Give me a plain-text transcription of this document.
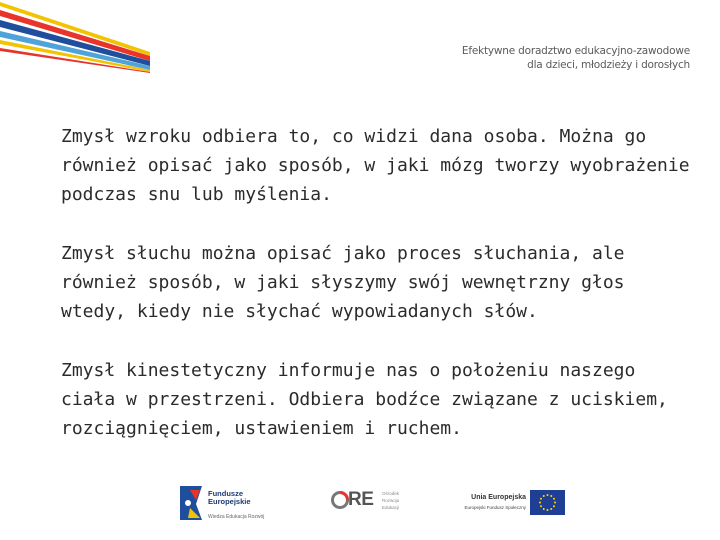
Efektywne doradztwo edukacyjno-zawodowe
dla dzieci, młodzieży i dorosłych

Zmysł wzroku odbiera to, co widzi dana osoba. Można go również opisać jako sposób, w jaki mózg tworzy wyobrażenie podczas snu lub myślenia.

Zmysł słuchu można opisać jako proces słuchania, ale również sposób, w jaki słyszymy swój wewnętrzny głos wtedy, kiedy nie słychać wypowiadanych słów.

Zmysł kinestetyczny informuje nas o położeniu naszego ciała w przestrzeni. Odbiera bodźce związane z uciskiem, rozciągnięciem, ustawieniem i ruchem.

Fundusze
Europejskie
Wiedza Edukacja Rozwój
RE Ośrodek Rozwoju Edukacji
Unia Europejska
Europejski Fundusz Społeczny
